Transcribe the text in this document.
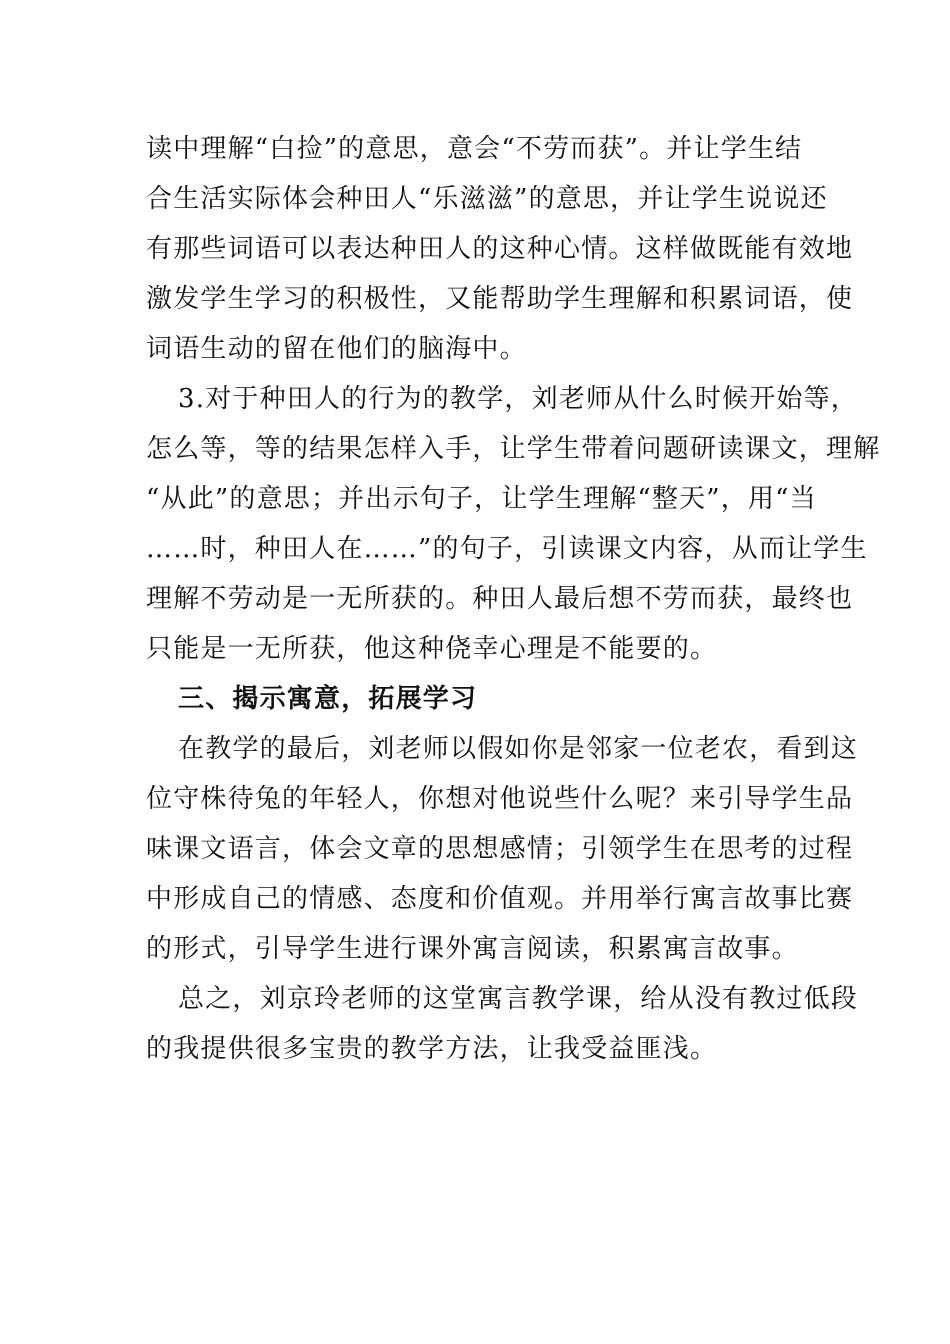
读中理解“白捡”的意思，意会“不劳而获”。并让学生结
合生活实际体会种田人“乐滋滋”的意思，并让学生说说还
有那些词语可以表达种田人的这种心情。这样做既能有效地
激发学生学习的积极性，又能帮助学生理解和积累词语，使
词语生动的留在他们的脑海中。
3.对于种田人的行为的教学，刘老师从什么时候开始等，
怎么等，等的结果怎样入手，让学生带着问题研读课文，理解
“从此”的意思；并出示句子，让学生理解“整天”，用“当
……时，种田人在……”的句子，引读课文内容，从而让学生
理解不劳动是一无所获的。种田人最后想不劳而获，最终也
只能是一无所获，他这种侥幸心理是不能要的。
三、揭示寓意，拓展学习
在教学的最后，刘老师以假如你是邻家一位老农，看到这
位守株待兔的年轻人，你想对他说些什么呢？来引导学生品
味课文语言，体会文章的思想感情；引领学生在思考的过程
中形成自己的情感、态度和价值观。并用举行寓言故事比赛
的形式，引导学生进行课外寓言阅读，积累寓言故事。
总之，刘京玲老师的这堂寓言教学课，给从没有教过低段
的我提供很多宝贵的教学方法，让我受益匪浅。
